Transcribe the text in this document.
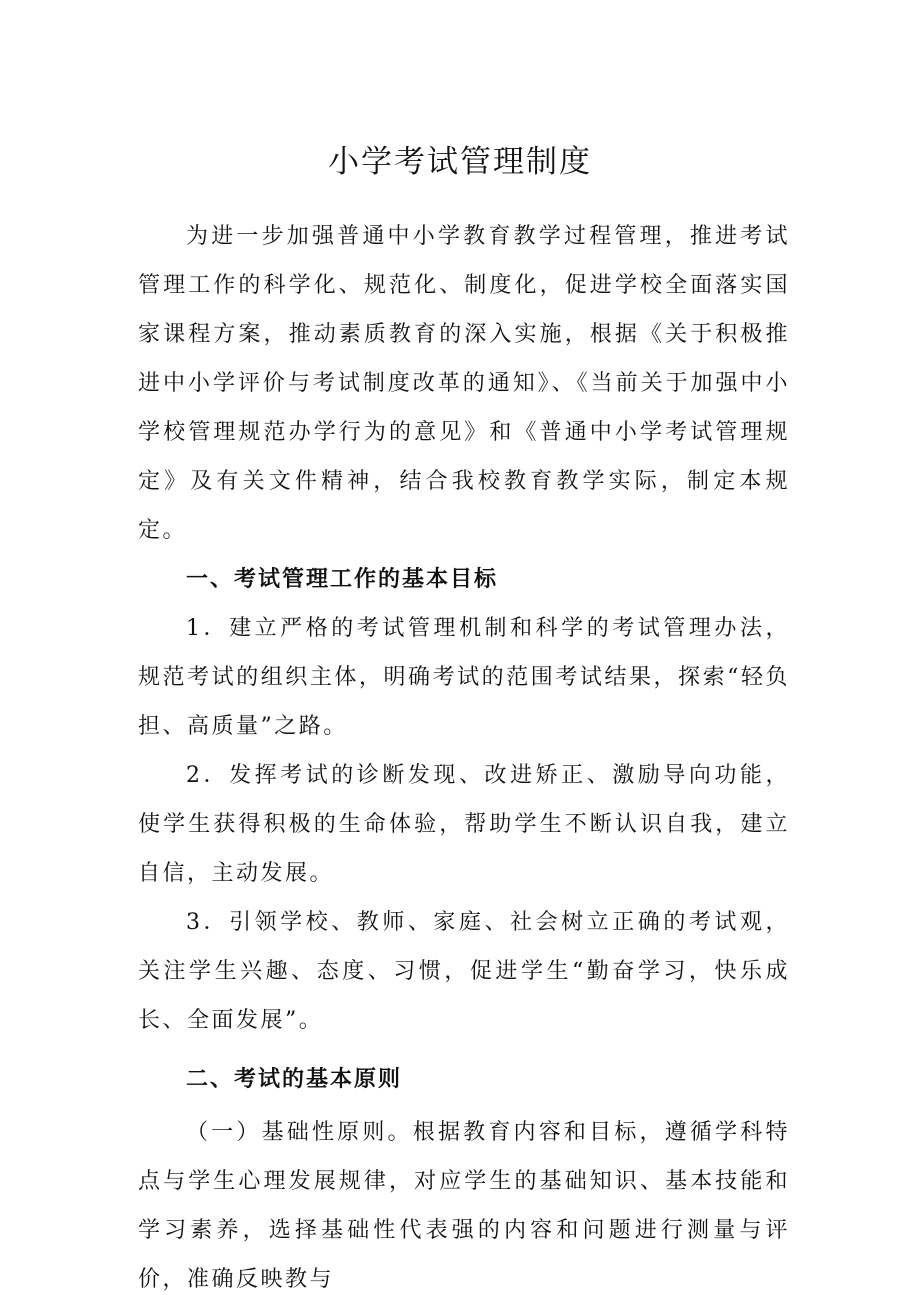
小学考试管理制度

为进一步加强普通中小学教育教学过程管理，推进考试管理工作的科学化、规范化、制度化，促进学校全面落实国家课程方案，推动素质教育的深入实施，根据《关于积极推进中小学评价与考试制度改革的通知》、《当前关于加强中小学校管理规范办学行为的意见》和《普通中小学考试管理规定》及有关文件精神，结合我校教育教学实际，制定本规定。

一、考试管理工作的基本目标

1．建立严格的考试管理机制和科学的考试管理办法，规范考试的组织主体，明确考试的范围考试结果，探索“轻负担、高质量”之路。

2．发挥考试的诊断发现、改进矫正、激励导向功能，使学生获得积极的生命体验，帮助学生不断认识自我，建立自信，主动发展。

3．引领学校、教师、家庭、社会树立正确的考试观，关注学生兴趣、态度、习惯，促进学生“勤奋学习，快乐成长、全面发展”。

二、考试的基本原则

（一）基础性原则。根据教育内容和目标，遵循学科特点与学生心理发展规律，对应学生的基础知识、基本技能和学习素养，选择基础性代表强的内容和问题进行测量与评价，准确反映教与
